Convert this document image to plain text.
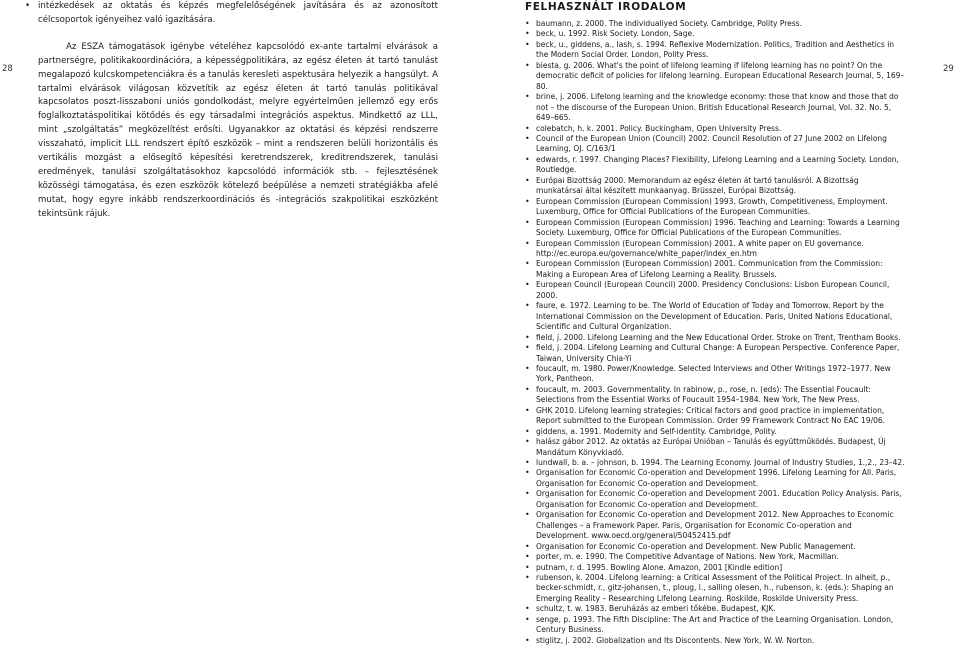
28	29
• intézkedések az oktatás és képzés megfelelőségének javítására és az azonosított célcsoportok igényeihez való igazítására.

Az ESZA támogatások igénybe vételéhez kapcsolódó ex-ante tartalmi elvárások a partnerségre, politikakoordinációra, a képességpolitikára, az egész életen át tartó tanulást megalapozó kulcskompetenciákra és a tanulás keresleti aspektusára helyezik a hangsúlyt. A tartalmi elvárások világosan közvetítik az egész életen át tartó tanulás politikával kapcsolatos poszt-lisszaboni uniós gondolkodást, melyre egyértelműen jellemző egy erős foglalkoztatáspolitikai kötődés és egy társadalmi integrációs aspektus. Mindkettő az LLL, mint „szolgáltatás” megközelítést erősíti. Ugyanakkor az oktatási és képzési rendszerre visszaható, implicit LLL rendszert építő eszközök – mint a rendszeren belüli horizontális és vertikális mozgást a elősegítő képesítési keretrendszerek, kreditrendszerek, tanulási eredmények, tanulási szolgáltatásokhoz kapcsolódó információk stb. – fejlesztésének közösségi támogatása, és ezen eszközök kötelező beépülése a nemzeti stratégiákba afelé mutat, hogy egyre inkább rendszerkoordinációs és -integrációs szakpolitikai eszközként tekintsünk rájuk.

FELHASZNÁLT IRODALOM
• baumann, z. 2000. The individualiyed Society. Cambridge, Polity Press.
• beck, u. 1992. Risk Society. London, Sage.
• beck, u., giddens, a., lash, s. 1994. Reflexive Modernization. Politics, Tradition and Aesthetics in the Modern Social Order. London, Polity Press.
• biesta, g. 2006. What's the point of lifelong learning if lifelong learning has no point? On the democratic deficit of policies for lifelong learning. European Educational Research Journal, 5, 169–80.
• brine, j. 2006. Lifelong learning and the knowledge economy: those that know and those that do not – the discourse of the European Union. British Educational Research Journal, Vol. 32. No. 5, 649–665.
• colebatch, h. k. 2001. Policy. Buckingham, Open University Press.
• Council of the European Union (Council) 2002. Council Resolution of 27 June 2002 on Lifelong Learning, OJ. C/163/1
• edwards, r. 1997. Changing Places? Flexibility, Lifelong Learning and a Learning Society. London, Routledge.
• Európai Bizottság 2000. Memorandum az egész életen át tartó tanulásról. A Bizottság munkatársai által készített munkaanyag. Brüsszel, Európai Bizottság.
• European Commission (European Commission) 1993. Growth, Competitiveness, Employment. Luxemburg, Office for Official Publications of the European Communities.
• European Commission (European Commission) 1996. Teaching and Learning: Towards a Learning Society. Luxemburg, Office for Official Publications of the European Communities.
• European Commission (European Commission) 2001. A white paper on EU governance. http://ec.europa.eu/governance/white_paper/index_en.htm
• European Commission (European Commission) 2001. Communication from the Commission: Making a European Area of Lifelong Learning a Reality. Brussels.
• European Council (European Council) 2000. Presidency Conclusions: Lisbon European Council, 2000.
• faure, e. 1972. Learning to be. The World of Education of Today and Tomorrow. Report by the International Commission on the Development of Education. Paris, United Nations Educational, Scientific and Cultural Organization.
• field, j. 2000. Lifelong Learning and the New Educational Order. Stroke on Trent, Trentham Books.
• field, j. 2004. Lifelong Learning and Cultural Change: A European Perspective. Conference Paper, Taiwan, University Chia-Yi
• foucault, m. 1980. Power/Knowledge. Selected Interviews and Other Writings 1972–1977. New York, Pantheon.
• foucault, m. 2003. Governmentality. In rabinow, p., rose, n. (eds): The Essential Foucault: Selections from the Essential Works of Foucault 1954–1984. New York, The New Press.
• GHK 2010. Lifelong learning strategies: Critical factors and good practice in implementation, Report submitted to the European Commission. Order 99 Framework Contract No EAC 19/06.
• giddens, a. 1991. Modernity and Self-identity. Cambridge, Polity.
• halász gábor 2012. Az oktatás az Európai Unióban – Tanulás és együttműködés. Budapest, Új Mandátum Könyvkiadó.
• lundwall, b. a. – johnson, b. 1994. The Learning Economy. Journal of Industry Studies, 1.,2., 23–42.
• Organisation for Economic Co-operation and Development 1996. Lifelong Learning for All. Paris, Organisation for Economic Co-operation and Development.
• Organisation for Economic Co-operation and Development 2001. Education Policy Analysis. Paris, Organisation for Economic Co-operation and Development.
• Organisation for Economic Co-operation and Development 2012. New Approaches to Economic Challenges – a Framework Paper. Paris, Organisation for Economic Co-operation and Development. www.oecd.org/general/50452415.pdf
• Organisation for Economic Co-operation and Development. New Public Management.
• porter, m. e. 1990. The Competitive Advantage of Nations. New York, Macmillan.
• putnam, r. d. 1995. Bowling Alone. Amazon, 2001 [Kindle edition]
• rubenson, k. 2004. Lifelong learning: a Critical Assessment of the Political Project. In alheit, p., becker-schmidt, r., gitz-johansen, t., ploug, l., salling olesen, h., rubenson, k. (eds.): Shaping an Emerging Reality – Researching Lifelong Learning. Roskilde, Roskilde University Press.
• schultz, t. w. 1983. Beruházás az emberi tőkébe. Budapest, KJK.
• senge, p. 1993. The Fifth Discipline: The Art and Practice of the Learning Organisation. London, Century Business.
• stiglitz, j. 2002. Globalization and Its Discontents. New York, W. W. Norton.
